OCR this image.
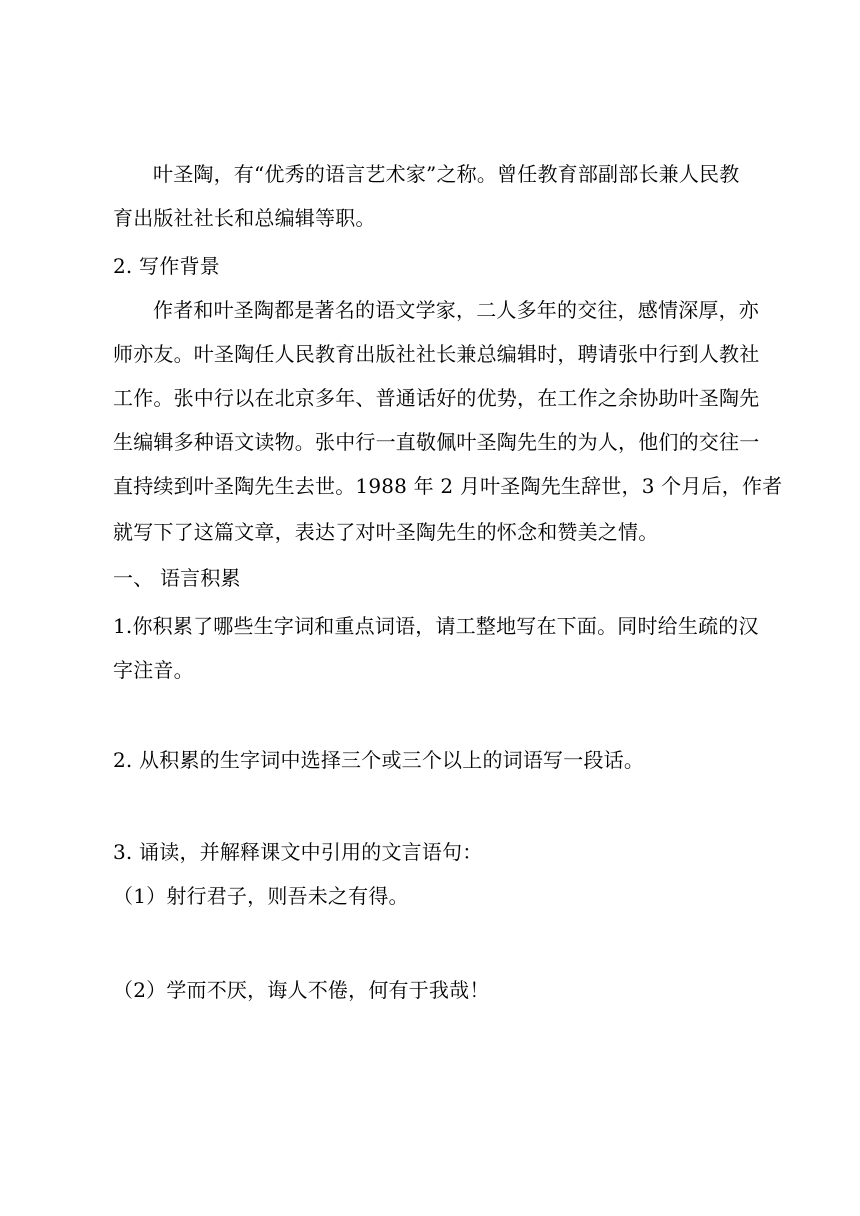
叶圣陶，有“优秀的语言艺术家”之称。曾任教育部副部长兼人民教
育出版社社长和总编辑等职。
2. 写作背景
作者和叶圣陶都是著名的语文学家，二人多年的交往，感情深厚，亦
师亦友。叶圣陶任人民教育出版社社长兼总编辑时，聘请张中行到人教社
工作。张中行以在北京多年、普通话好的优势，在工作之余协助叶圣陶先
生编辑多种语文读物。张中行一直敬佩叶圣陶先生的为人，他们的交往一
直持续到叶圣陶先生去世。1988 年 2 月叶圣陶先生辞世，3 个月后，作者
就写下了这篇文章，表达了对叶圣陶先生的怀念和赞美之情。
一、 语言积累
1.你积累了哪些生字词和重点词语，请工整地写在下面。同时给生疏的汉
字注音。
2. 从积累的生字词中选择三个或三个以上的词语写一段话。
3. 诵读，并解释课文中引用的文言语句：
（1）射行君子，则吾未之有得。
（2）学而不厌，诲人不倦，何有于我哉！
